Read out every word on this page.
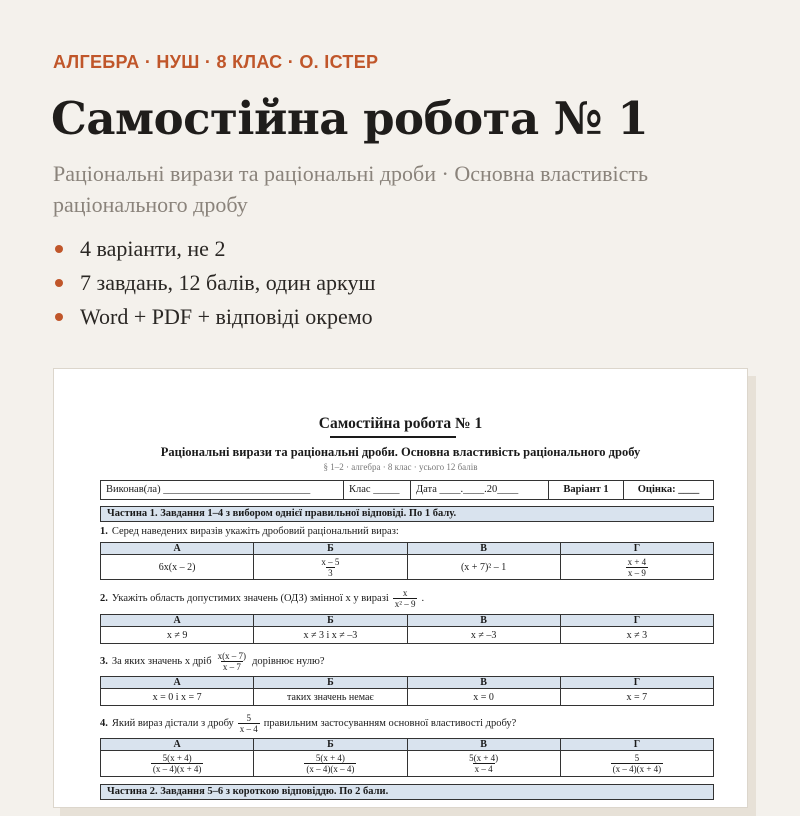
АЛГЕБРА · НУШ · 8 КЛАС · О. ІСТЕР
Самостійна робота № 1
Раціональні вирази та раціональні дроби · Основна властивість раціонального дробу
4 варіанти, не 2
7 завдань, 12 балів, один аркуш
Word + PDF + відповіді окремо
Самостійна робота № 1
Раціональні вирази та раціональні дроби. Основна властивість раціонального дробу
§ 1–2 · алгебра · 8 клас · усього 12 балів
Виконав(ла) ____________________________	Клас _____	Дата ____.____.20____	Варіант 1	Оцінка: ____
Частина 1. Завдання 1–4 з вибором однієї правильної відповіді. По 1 балу.
1. Серед наведених виразів укажіть дробовий раціональний вираз:
А	Б	В	Г
6x(x – 2)	$\frac{x - 5}{3}$	(x + 7)² – 1	$\frac{x + 4}{x - 9}$
2. Укажіть область допустимих значень (ОДЗ) змінної x у виразі $\frac{x}{\text{x² – 9}}$ .
А	Б	В	Г
x ≠ 9	x ≠ 3 і x ≠ –3	x ≠ –3	x ≠ 3
3. За яких значень x дріб $\frac{x(x - 7)}{x - 7}$ дорівнює нулю?
А	Б	В	Г
x = 0 і x = 7	таких значень немає	x = 0	x = 7
4. Який вираз дістали з дробу $\frac{5}{x - 4}$ правильним застосуванням основної властивості дробу?
А	Б	В	Г

$\frac{5(x + 4)}{(x - 4)(x + 4)}$	$\frac{5(x + 4)}{(x - 4)(x - 4)}$	$\frac{5(x + 4)}{x - 4}$	$\frac{5}{(x - 4)(x + 4)}$
Частина 2. Завдання 5–6 з короткою відповіддю. По 2 бали.
